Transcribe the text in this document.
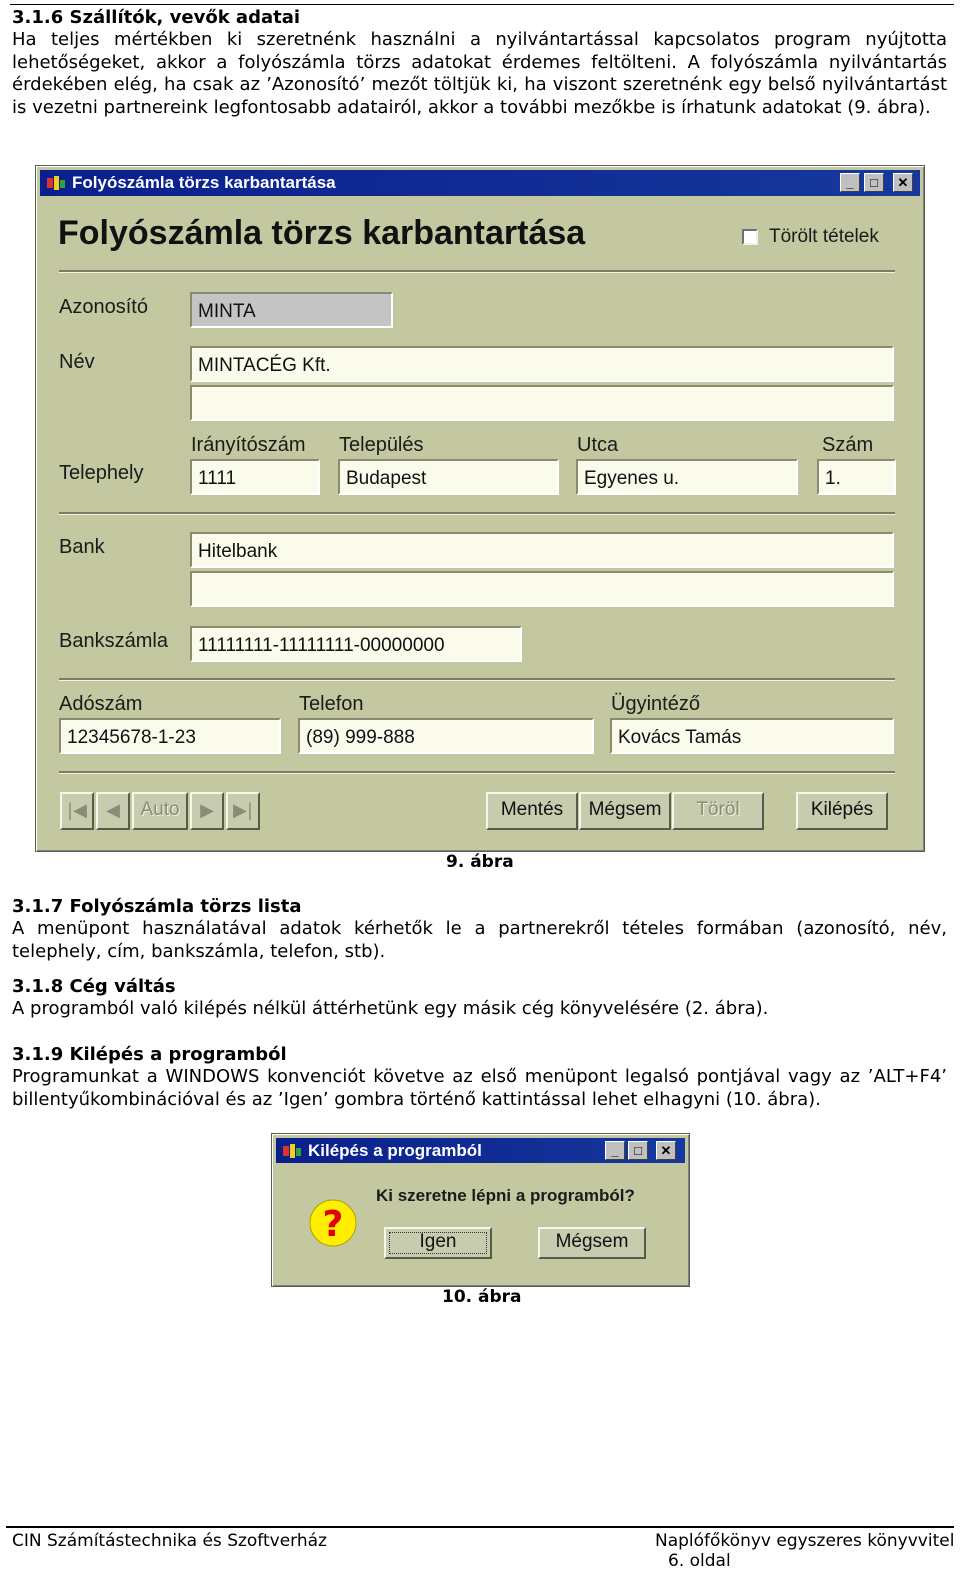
3.1.6 Szállítók, vevők adatai
Ha teljes mértékben ki szeretnénk használni a nyilvántartással kapcsolatos program nyújtotta lehetőségeket, akkor a folyószámla törzs adatokat érdemes feltölteni. A folyószámla nyilvántartás érdekében elég, ha csak az ’Azonosító’ mezőt töltjük ki, ha viszont szeretnénk egy belső nyilvántartást is vezetni partnereink legfontosabb adatairól, akkor a további mezőkbe is írhatunk adatokat (9. ábra).
Folyószámla törzs karbantartása	_	□	✕
Folyószámla törzs karbantartása	Törölt tételek
Azonosító	MINTA
Név	MINTACÉG Kft.
Irányítószám Település	Utca	Szám
Telephely	1111	Budapest	Egyenes u.	1.
Bank	Hitelbank
Bankszámla	11111111-11111111-00000000
Adószám	Telefon	Ügyintéző
12345678-1-23	(89) 999-888	Kovács Tamás
|◀	◀	Auto	▶	▶|	Mentés	Mégsem	Töröl	Kilépés
9. ábra
3.1.7 Folyószámla törzs lista
A menüpont használatával adatok kérhetők le a partnerekről tételes formában (azonosító, név, telephely, cím, bankszámla, telefon, stb).
3.1.8 Cég váltás
A programból való kilépés nélkül áttérhetünk egy másik cég könyvelésére (2. ábra).
3.1.9 Kilépés a programból
Programunkat a WINDOWS konvenciót követve az első menüpont legalsó pontjával vagy az ’ALT+F4’ billentyűkombinációval és az ’Igen’ gombra történő kattintással lehet elhagyni (10. ábra).
Kilépés a programból	_	□	✕
?
Ki szeretne lépni a programból?
Igen	Mégsem
10. ábra
CIN Számítástechnika és Szoftverház	Naplófőkönyv egyszeres könyvvitel
6. oldal
